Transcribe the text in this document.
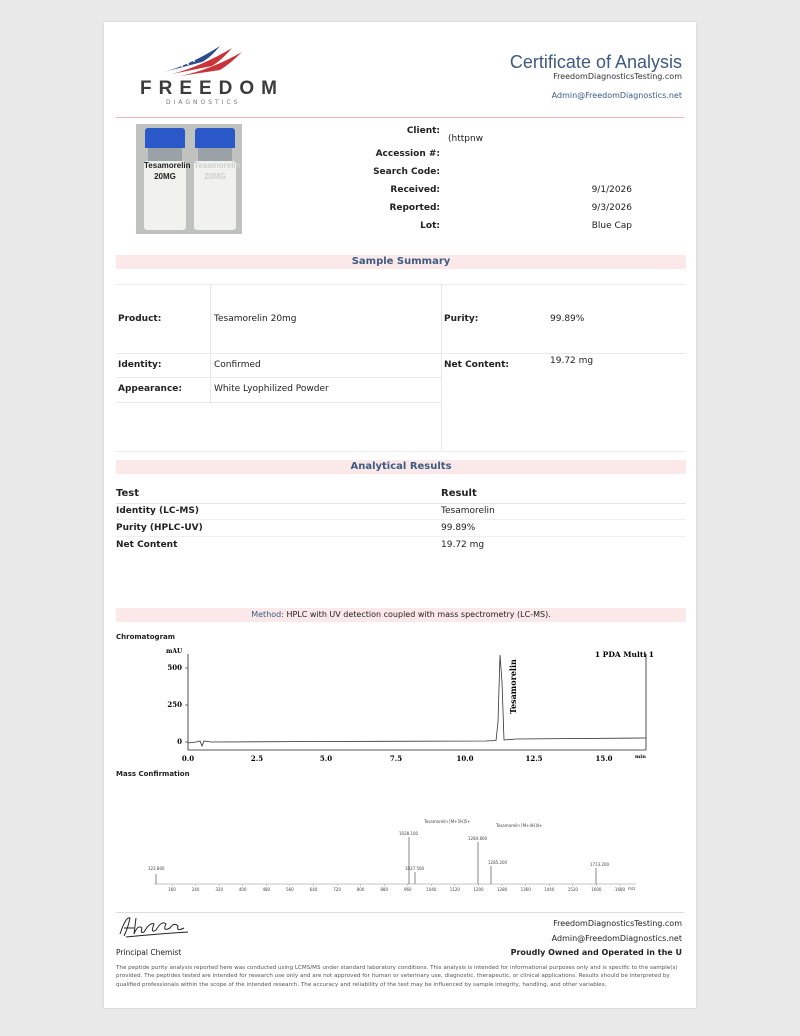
FREEDOM
DIAGNOSTICS
Certificate of Analysis
FreedomDiagnosticsTesting.com
Admin@FreedomDiagnostics.net
Tesamorelin
20MG
Tesamorelin
20MG
Client:
(httpnw
Accession #:
Search Code:
Received:	9/1/2026
Reported:	9/3/2026
Lot:	Blue Cap
Sample Summary
Product:	Tesamorelin 20mg	Purity:	99.89%
Identity:	Confirmed	Net Content:	19.72 mg
Appearance:	White Lyophilized Powder
Analytical Results
Test	Result
Identity (LC-MS)	Tesamorelin
Purity (HPLC-UV)	99.89%
Net Content	19.72 mg
Method: HPLC with UV detection coupled with mass spectrometry (LC-MS).
Chromatogram
mAU	1 PDA Multi 1
500
250
0
0.0	2.5	5.0	7.5	10.0	12.5	15.0	min
Tesamorelin
Mass Confirmation
122.800
1028.100
1027.500
1284.800
1285.200	1713.200
Tesamorelin [M+5H]5+
Tesamorelin [M+4H]4+
160	240	320	400	480	560	640	720	800	880	960	1040	1120	1200	1280	1360	1440	1520	1600	1680 m/z
Principal Chemist
FreedomDiagnosticsTesting.com
Admin@FreedomDiagnostics.net
Proudly Owned and Operated in the U
The peptide purity analysis reported here was conducted using LCMS/MS under standard laboratory conditions. This analysis is intended for informational purposes only and is specific to the sample(s) provided. The peptides tested are intended for research use only and are not approved for human or veterinary use, diagnostic, therapeutic, or clinical applications. Results should be interpreted by qualified professionals within the scope of the intended research. The accuracy and reliability of the test may be influenced by sample integrity, handling, and other variables.
